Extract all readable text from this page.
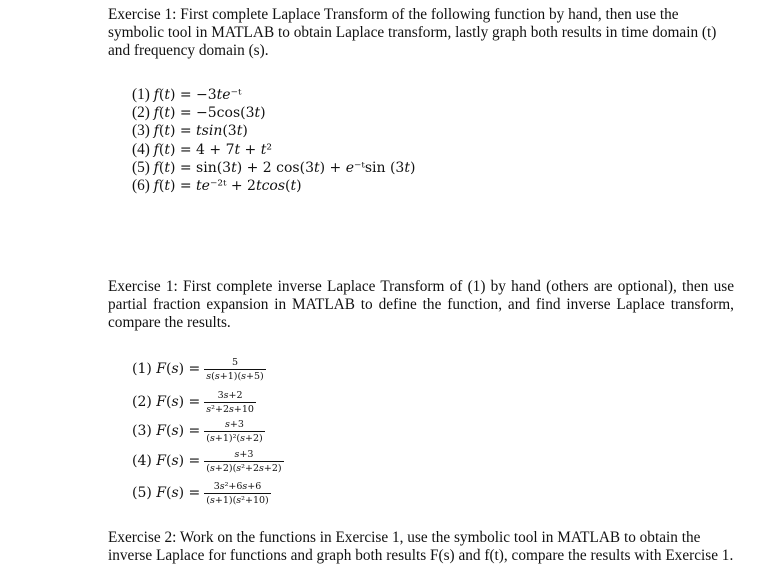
Exercise 1: First complete Laplace Transform of the following function by hand, then use the symbolic tool in MATLAB to obtain Laplace transform, lastly graph both results in time domain (t) and frequency domain (s).

(1) 𝑓(𝑡) = −3𝑡𝑒⁻ᵗ
(2) 𝑓(𝑡) = −5cos(3𝑡)
(3) 𝑓(𝑡) = 𝑡𝑠𝑖𝑛(3𝑡)
(4) 𝑓(𝑡) = 4 + 7𝑡 + 𝑡²
(5) 𝑓(𝑡) = sin(3𝑡) + 2 cos(3𝑡) + 𝑒⁻ᵗsin (3𝑡)
(6) 𝑓(𝑡) = 𝑡𝑒⁻²ᵗ + 2𝑡𝑐𝑜𝑠(𝑡)

Exercise 1: First complete inverse Laplace Transform of (1) by hand (others are optional), then use partial fraction expansion in MATLAB to define the function, and find inverse Laplace transform, compare the results.

(1) 𝐹(𝑠) = $\frac{5}{\text{𝑠(𝑠+1)(𝑠+5)}}$
(2) 𝐹(𝑠) = $\frac{\text{3𝑠+2}}{\text{𝑠²+2𝑠+10}}$
(3) 𝐹(𝑠) = $\frac{\text{𝑠+3}}{\text{(𝑠+1)²(𝑠+2)}}$
(4) 𝐹(𝑠) = $\frac{\text{𝑠+3}}{\text{(𝑠+2)(𝑠²+2𝑠+2)}}$
(5) 𝐹(𝑠) = $\frac{\text{3𝑠²+6𝑠+6}}{\text{(𝑠+1)(𝑠²+10)}}$

Exercise 2: Work on the functions in Exercise 1, use the symbolic tool in MATLAB to obtain the inverse Laplace for functions and graph both results F(s) and f(t), compare the results with Exercise 1.
